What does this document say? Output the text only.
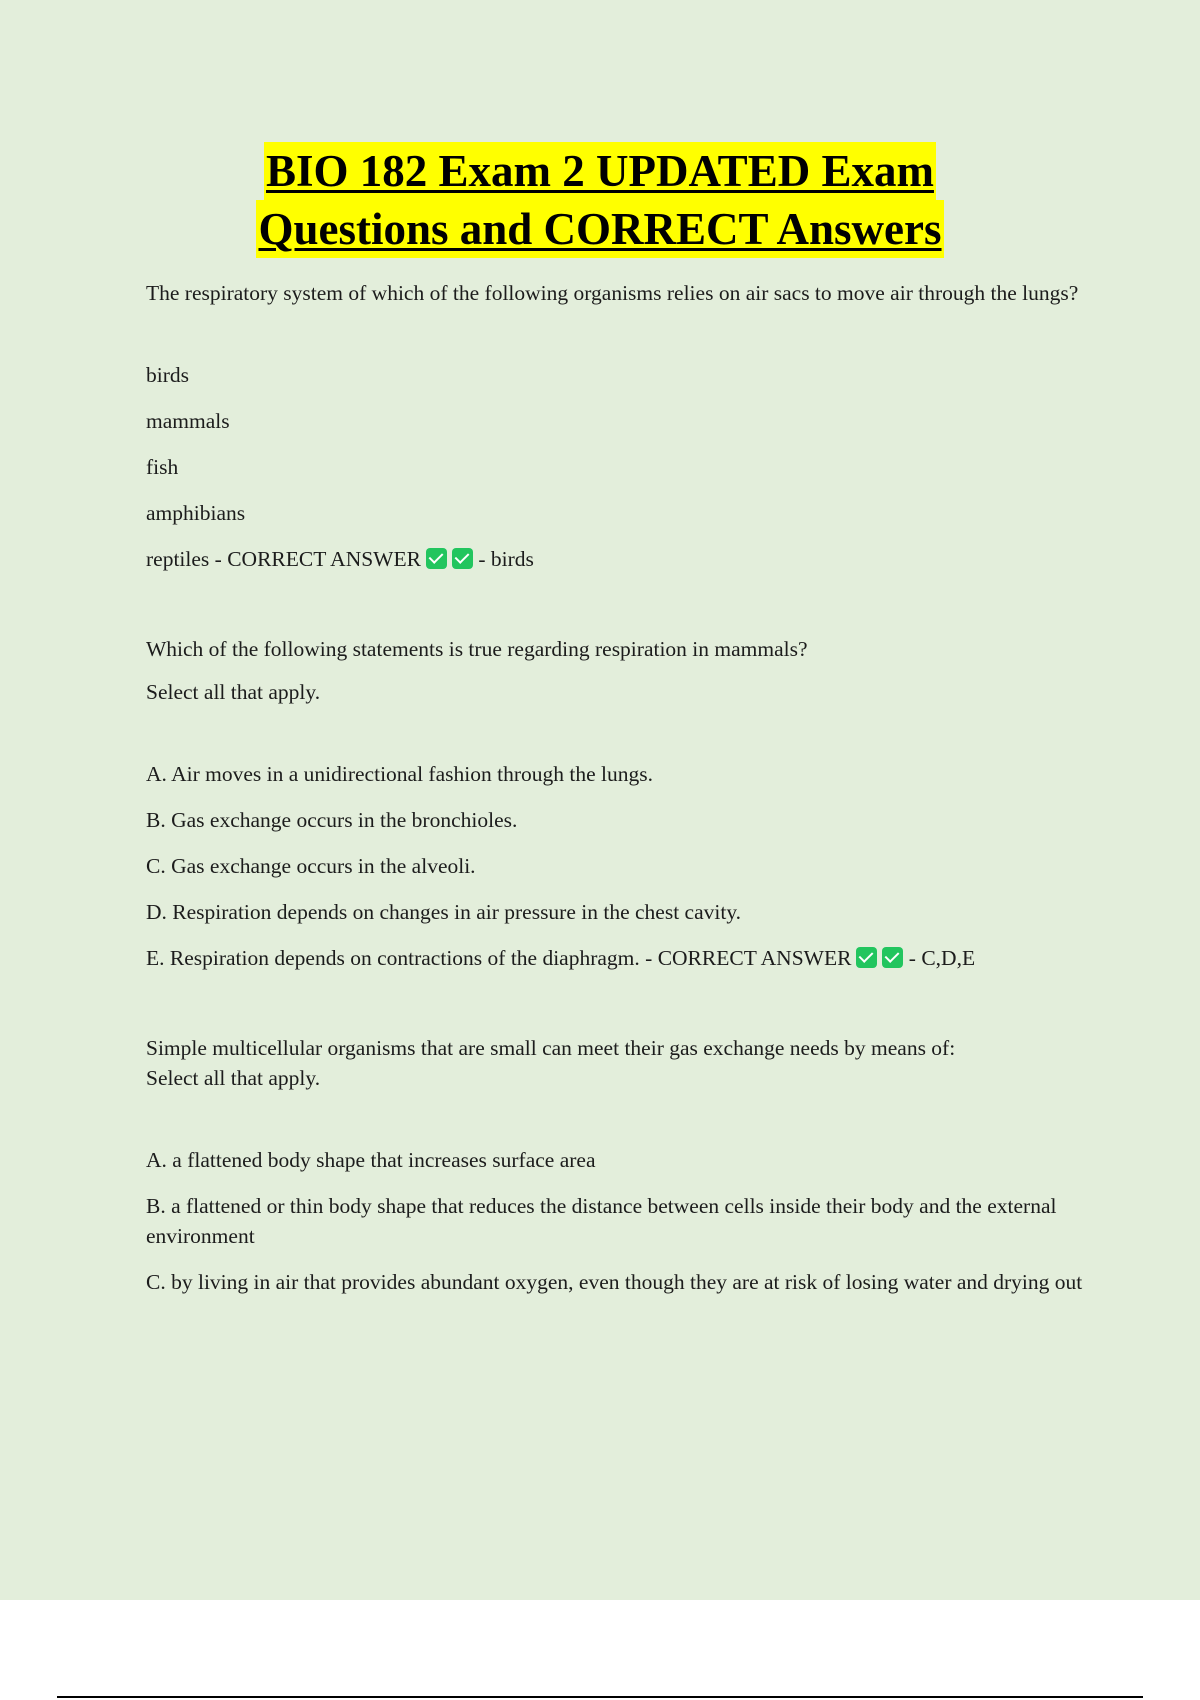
BIO 182 Exam 2 UPDATED Exam
Questions and CORRECT Answers

The respiratory system of which of the following organisms relies on air sacs to move air through the lungs?

birds

mammals

fish

amphibians

reptiles - CORRECT ANSWER	- birds

Which of the following statements is true regarding respiration in mammals?

Select all that apply.

A. Air moves in a unidirectional fashion through the lungs.

B. Gas exchange occurs in the bronchioles.

C. Gas exchange occurs in the alveoli.

D. Respiration depends on changes in air pressure in the chest cavity.

E. Respiration depends on contractions of the diaphragm. - CORRECT ANSWER	- C,D,E

Simple multicellular organisms that are small can meet their gas exchange needs by means of:

Select all that apply.

A. a flattened body shape that increases surface area

B. a flattened or thin body shape that reduces the distance between cells inside their body and the external environment

C. by living in air that provides abundant oxygen, even though they are at risk of losing water and drying out
